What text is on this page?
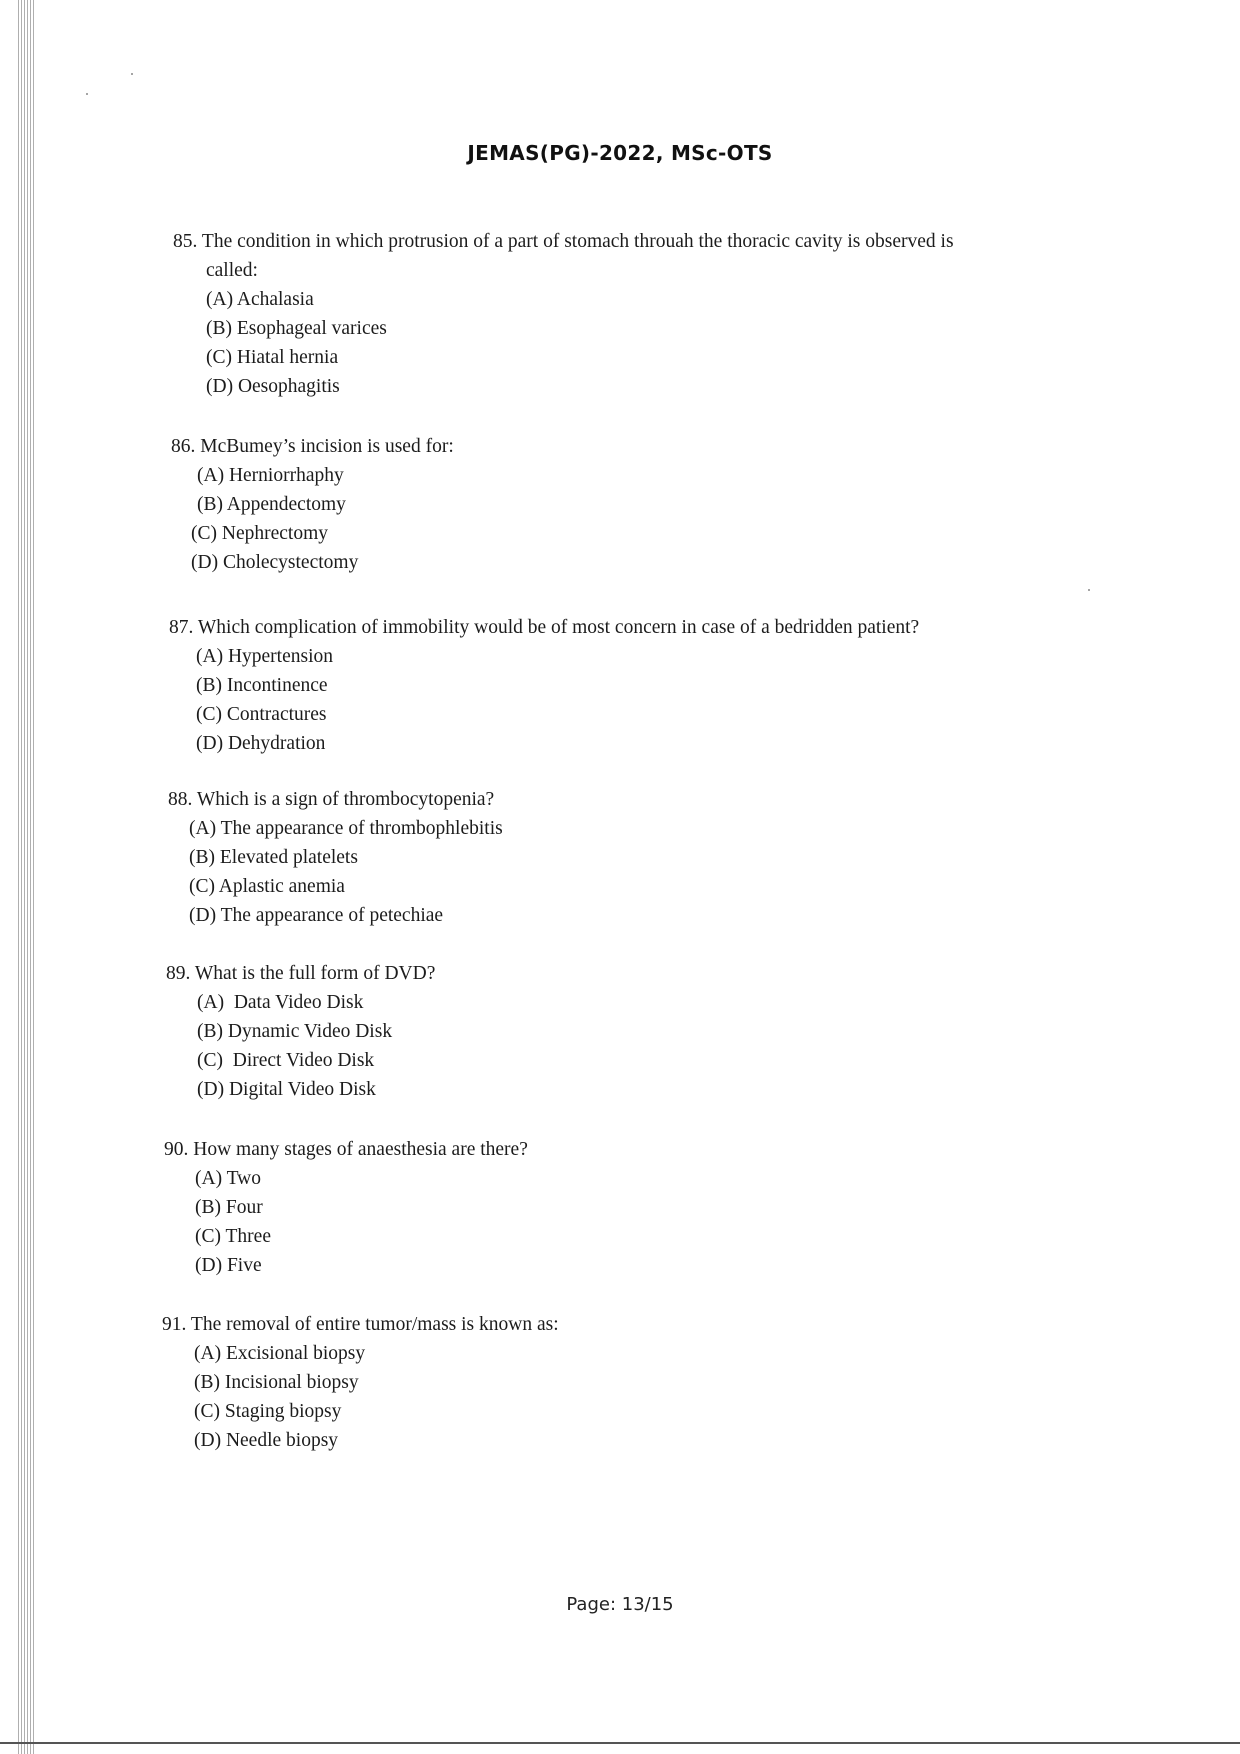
JEMAS(PG)-2022, MSc-OTS
85. The condition in which protrusion of a part of stomach throuah the thoracic cavity is observed is
called:
(A) Achalasia
(B) Esophageal varices
(C) Hiatal hernia
(D) Oesophagitis
86. McBumey’s incision is used for:
(A) Herniorrhaphy
(B) Appendectomy
(C) Nephrectomy
(D) Cholecystectomy
87. Which complication of immobility would be of most concern in case of a bedridden patient?
(A) Hypertension
(B) Incontinence
(C) Contractures
(D) Dehydration
88. Which is a sign of thrombocytopenia?
(A) The appearance of thrombophlebitis
(B) Elevated platelets
(C) Aplastic anemia
(D) The appearance of petechiae
89. What is the full form of DVD?
(A)  Data Video Disk
(B) Dynamic Video Disk
(C)  Direct Video Disk
(D) Digital Video Disk
90. How many stages of anaesthesia are there?
(A) Two
(B) Four
(C) Three
(D) Five
91. The removal of entire tumor/mass is known as:
(A) Excisional biopsy
(B) Incisional biopsy
(C) Staging biopsy
(D) Needle biopsy
Page: 13/15
